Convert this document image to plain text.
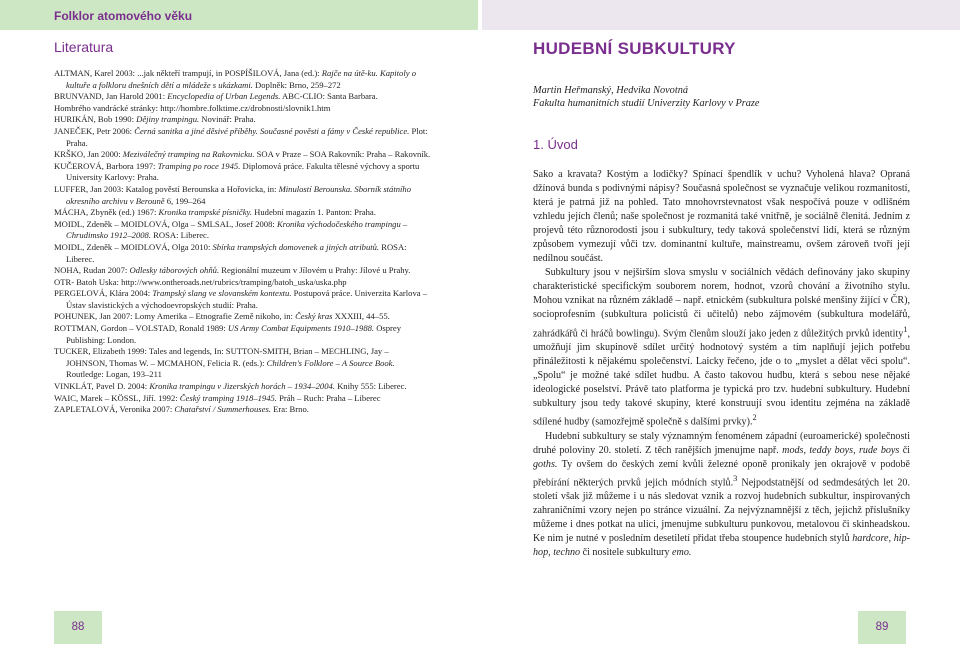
Folklor atomového věku
Literatura

ALTMAN, Karel 2003: ...jak někteří trampují, in POSPÍŠILOVÁ, Jana (ed.): Rajče na útě-ku. Kapitoly o kultuře a folkloru dnešních dětí a mládeže s ukázkami. Doplněk: Brno, 259–272

BRUNVAND, Jan Harold 2001: Encyclopedia of Urban Legends. ABC-CLIO: Santa Barbara.

Hombrého vandrácké stránky: http://hombre.folktime.cz/drobnosti/slovnik1.htm

HURIKÁN, Bob 1990: Dějiny trampingu. Novinář: Praha.

JANEČEK, Petr 2006: Černá sanitka a jiné děsivé příběhy. Současné pověsti a fámy v České republice. Plot: Praha.

KRŠKO, Jan 2000: Meziválečný tramping na Rakovnicku. SOA v Praze – SOA Rakovník: Praha – Rakovník.

KUČEROVÁ, Barbora 1997: Tramping po roce 1945. Diplomová práce. Fakulta tělesné výchovy a sportu University Karlovy: Praha.

LUFFER, Jan 2003: Katalog pověstí Berounska a Hořovicka, in: Minulostí Berounska. Sborník státního okresního archivu v Berouně 6, 199–264

MÁCHA, Zbyněk (ed.) 1967: Kronika trampské písničky. Hudební magazín 1. Panton: Praha.

MOIDL, Zdeněk – MOIDLOVÁ, Olga – SMLSAL, Josef 2008: Kronika východočeského trampingu – Chrudimsko 1912–2008. ROSA: Liberec.

MOIDL, Zdeněk – MOIDLOVÁ, Olga 2010: Sbírka trampských domovenek a jiných atributů. ROSA: Liberec.

NOHA, Rudan 2007: Odlesky táborových ohňů. Regionální muzeum v Jílovém u Prahy: Jílové u Prahy.

OTR- Batoh Uska: http://www.ontheroads.net/rubrics/tramping/batoh_uska/uska.php

PERGELOVÁ, Klára 2004: Trampský slang ve slovanském kontextu. Postupová práce. Univerzita Karlova – Ústav slavistických a východoevropských studií: Praha.

POHUNEK, Jan 2007: Lomy Amerika – Etnografie Země nikoho, in: Český kras XXXIII, 44–55.

ROTTMAN, Gordon – VOLSTAD, Ronald 1989: US Army Combat Equipments 1910–1988. Osprey Publishing: London.

TUCKER, Elizabeth 1999: Tales and legends, In: SUTTON-SMITH, Brian – MECHLING, Jay – JOHNSON, Thomas W. – MCMAHON, Felicia R. (eds.): Children's Folklore – A Source Book. Routledge: Logan, 193–211

VINKLÁT, Pavel D. 2004: Kronika trampingu v Jizerských horách – 1934–2004. Knihy 555: Liberec.

WAIC, Marek – KÖSSL, Jiří. 1992: Český tramping 1918–1945. Práh – Ruch: Praha – Liberec

ZAPLETALOVÁ, Veronika 2007: Chatařství / Summerhouses. Era: Brno.

HUDEBNÍ SUBKULTURY
Martin Heřmanský, Hedvika Novotná
Fakulta humanitních studií Univerzity Karlovy v Praze
1. Úvod

Sako a kravata? Kostým a lodičky? Spínací špendlík v uchu? Vyholená hlava? Opraná džínová bunda s podivnými nápisy? Současná společnost se vyznačuje velikou rozmanitostí, která je patrná již na pohled. Tato mnohovrstevnatost však nespočívá pouze v odlišném vzhledu jejích členů; naše společnost je rozmanitá také vnitřně, je sociálně členitá. Jedním z projevů této různorodosti jsou i subkultury, tedy taková společenství lidí, která se různým způsobem vymezují vůči tzv. dominantní kultuře, mainstreamu, ovšem zároveň tvoří její nedílnou součást.

Subkultury jsou v nejširším slova smyslu v sociálních vědách definovány jako skupiny charakteristické specifickým souborem norem, hodnot, vzorů chování a životního stylu. Mohou vznikat na různém základě – např. etnickém (subkultura polské menšiny žijící v ČR), socioprofesním (subkultura policistů či učitelů) nebo zájmovém (subkultura modelářů, zahrádkářů či hráčů bowlingu). Svým členům slouží jako jeden z důležitých prvků identity$^1$, umožňují jim skupinově sdílet určitý hodnotový systém a tím naplňují jejich potřebu přináležitosti k nějakému společenství. Laicky řečeno, jde o to „myslet a dělat věci spolu“. „Spolu“ je možné také sdílet hudbu. A často takovou hudbu, která s sebou nese nějaké ideologické poselství. Právě tato platforma je typická pro tzv. hudební subkultury. Hudební subkultury jsou tedy takové skupiny, které konstruují svou identitu zejména na základě sdílené hudby (samozřejmě společně s dalšími prvky).$^2$

Hudební subkultury se staly významným fenoménem západní (euroamerické) společnosti druhé poloviny 20. století. Z těch ranějších jmenujme např. mods, teddy boys, rude boys či goths. Ty ovšem do českých zemí kvůli železné oponě pronikaly jen okrajově v podobě přebírání některých prvků jejich módních stylů.$^3$ Nejpodstatnější od sedmdesátých let 20. století však již můžeme i u nás sledovat vznik a rozvoj hudebních subkultur, inspirovaných zahraničními vzory nejen po stránce vizuální. Za nejvýznamnější z těch, jejichž příslušníky můžeme i dnes potkat na ulici, jmenujme subkulturu punkovou, metalovou či skinheadskou. Ke nim je nutné v posledním desetiletí přidat třeba stoupence hudebních stylů hardcore, hip-hop, techno či nositele subkultury emo.

88	89
